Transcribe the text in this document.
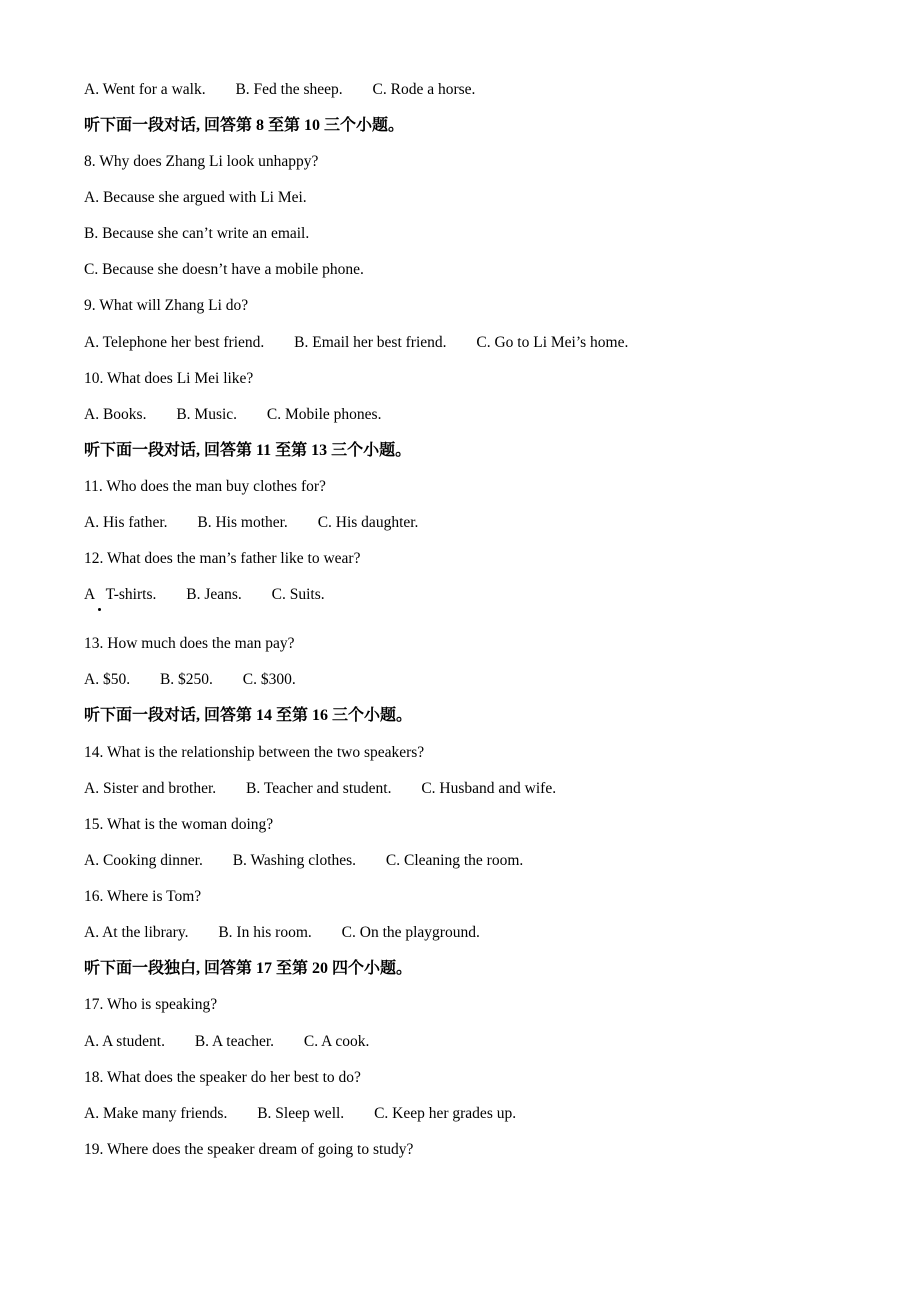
A. Went for a walk. B. Fed the sheep. C. Rode a horse.
听下面一段对话, 回答第 8 至第 10 三个小题。
8. Why does Zhang Li look unhappy?
A. Because she argued with Li Mei.
B. Because she can’t write an email.
C. Because she doesn’t have a mobile phone.
9. What will Zhang Li do?
A. Telephone her best friend. B. Email her best friend. C. Go to Li Mei’s home.
10. What does Li Mei like?
A. Books. B. Music. C. Mobile phones.
听下面一段对话, 回答第 11 至第 13 三个小题。
11. Who does the man buy clothes for?
A. His father. B. His mother. C. His daughter.
12. What does the man’s father like to wear?
A   T-shirts. B. Jeans. C. Suits.
13. How much does the man pay?
A. $50. B. $250. C. $300.
听下面一段对话, 回答第 14 至第 16 三个小题。
14. What is the relationship between the two speakers?
A. Sister and brother. B. Teacher and student. C. Husband and wife.
15. What is the woman doing?
A. Cooking dinner. B. Washing clothes. C. Cleaning the room.
16. Where is Tom?
A. At the library. B. In his room. C. On the playground.
听下面一段独白, 回答第 17 至第 20 四个小题。
17. Who is speaking?
A. A student. B. A teacher. C. A cook.
18. What does the speaker do her best to do?
A. Make many friends. B. Sleep well. C. Keep her grades up.
19. Where does the speaker dream of going to study?
